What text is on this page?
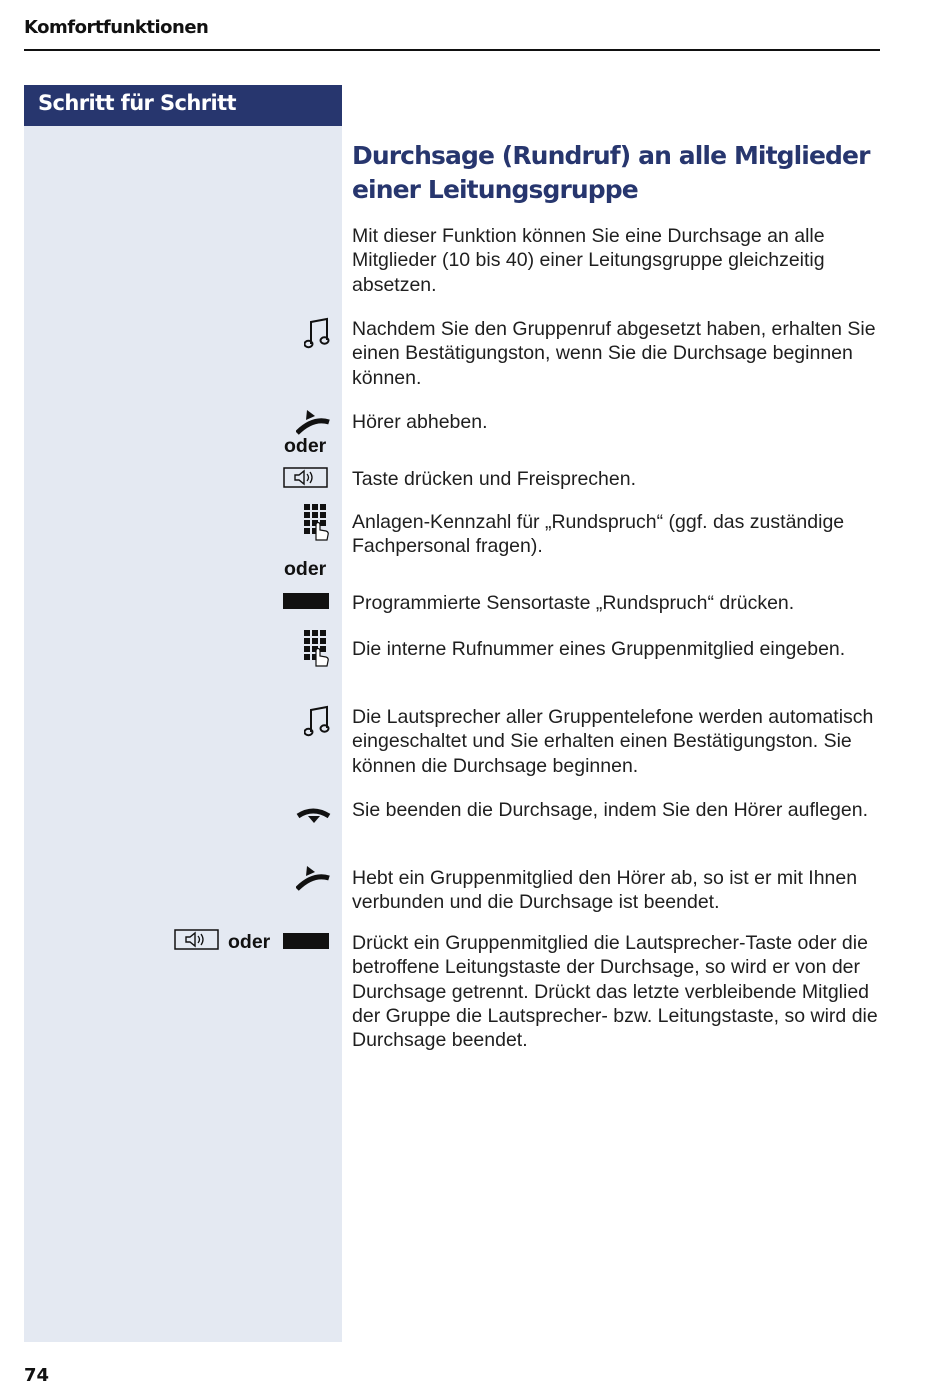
Komfortfunktionen
Schritt für Schritt
Durchsage (Rundruf) an alle Mitglieder einer Leitungsgruppe

Mit dieser Funktion können Sie eine Durchsage an alle Mitglieder (10 bis 40) einer Leitungsgruppe gleichzeitig absetzen.

Nachdem Sie den Gruppenruf abgesetzt haben, erhalten Sie einen Bestätigungston, wenn Sie die Durchsage beginnen können.

Hörer abheben.

oder

Taste drücken und Freisprechen.

Anlagen-Kennzahl für „Rundspruch“ (ggf. das zuständige Fachpersonal fragen).

oder

Programmierte Sensortaste „Rundspruch“ drücken.

Die interne Rufnummer eines Gruppenmitglied eingeben.

Die Lautsprecher aller Gruppentelefone werden automatisch eingeschaltet und Sie erhalten einen Bestätigungston. Sie können die Durchsage beginnen.

Sie beenden die Durchsage, indem Sie den Hörer auflegen.

Hebt ein Gruppenmitglied den Hörer ab, so ist er mit Ihnen verbunden und die Durchsage ist beendet.

oder	Drückt ein Gruppenmitglied die Lautsprecher-Taste oder die betroffene Leitungstaste der Durchsage, so wird er von der Durchsage getrennt. Drückt das letzte verbleibende Mitglied der Gruppe die Lautsprecher- bzw. Leitungstaste, so wird die Durchsage beendet.

74
